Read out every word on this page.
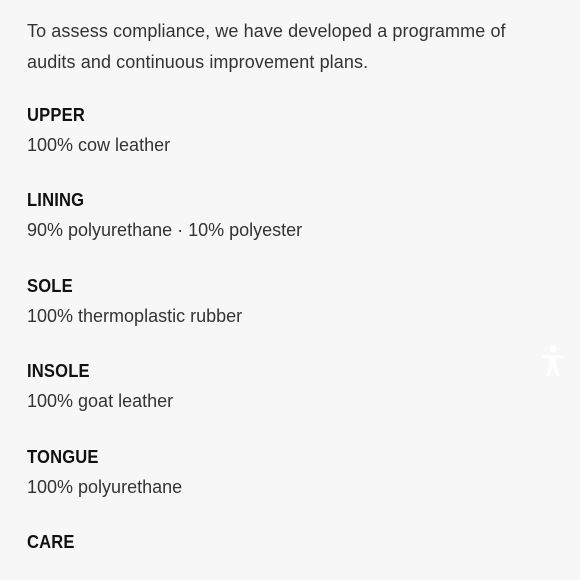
To assess compliance, we have developed a programme of
audits and continuous improvement plans.
UPPER
100% cow leather
LINING
90% polyurethane · 10% polyester
SOLE
100% thermoplastic rubber
INSOLE
100% goat leather
TONGUE
100% polyurethane
CARE
